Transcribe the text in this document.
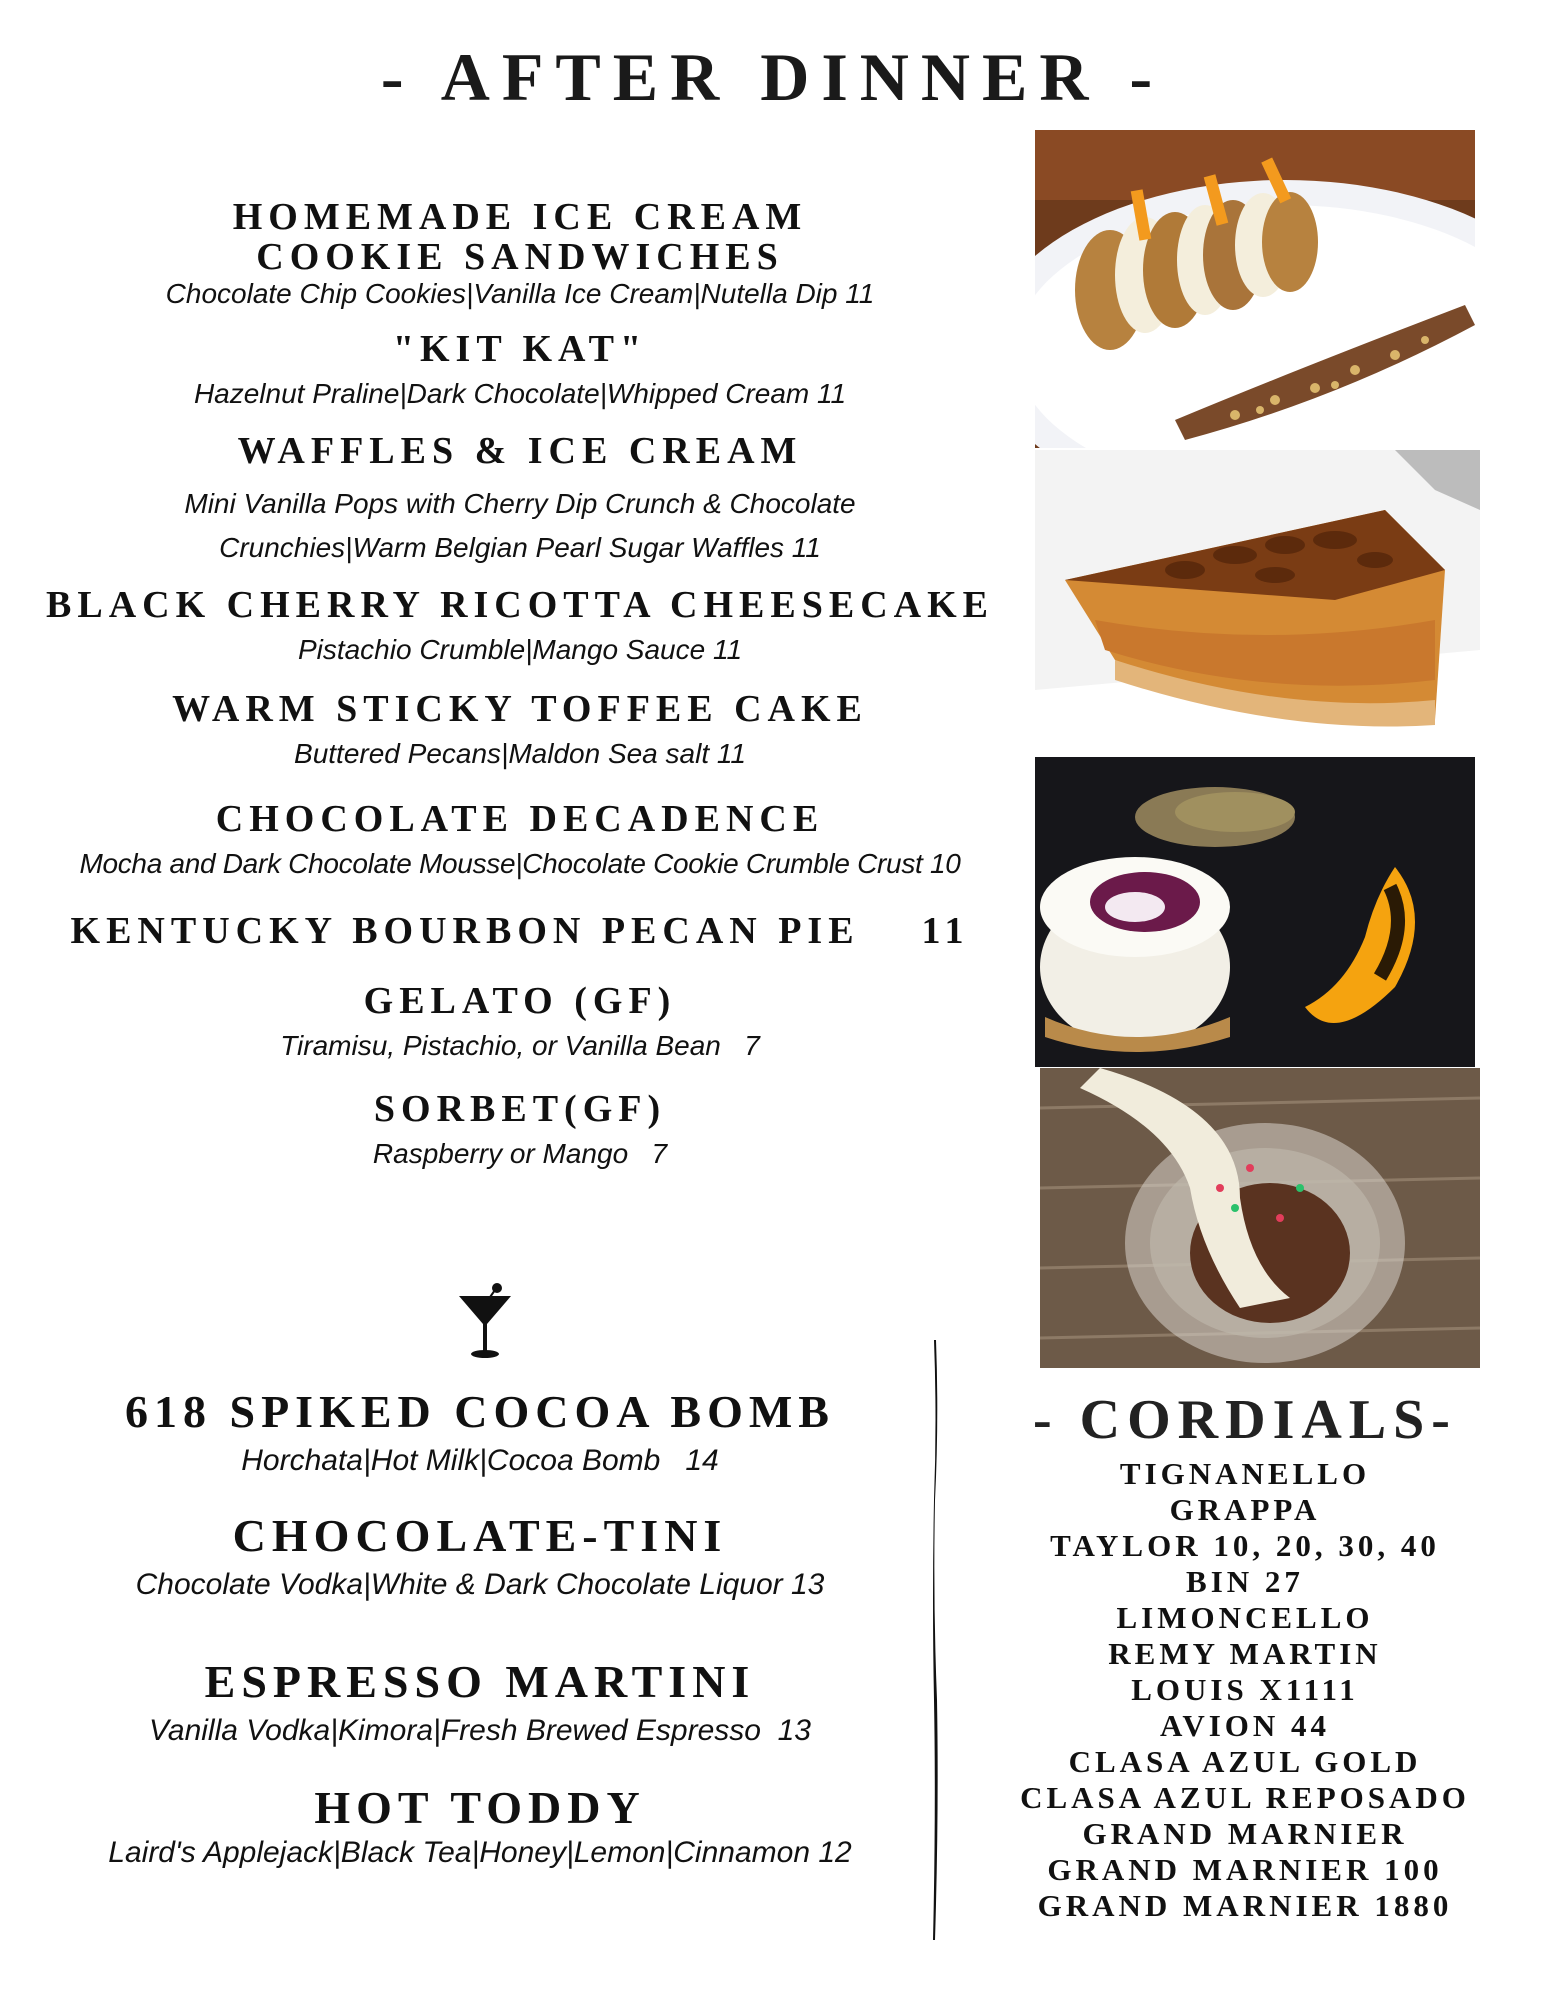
- AFTER DINNER -
HOMEMADE ICE CREAM
COOKIE SANDWICHES
Chocolate Chip Cookies|Vanilla Ice Cream|Nutella Dip 11
"KIT KAT"
Hazelnut Praline|Dark Chocolate|Whipped Cream 11
WAFFLES & ICE CREAM
Mini Vanilla Pops with Cherry Dip Crunch & Chocolate
Crunchies|Warm Belgian Pearl Sugar Waffles 11
BLACK CHERRY RICOTTA CHEESECAKE
Pistachio Crumble|Mango Sauce 11
WARM STICKY TOFFEE CAKE
Buttered Pecans|Maldon Sea salt 11
CHOCOLATE DECADENCE
Mocha and Dark Chocolate Mousse|Chocolate Cookie Crumble Crust 10
KENTUCKY BOURBON PECAN PIE    11
GELATO (GF)
Tiramisu, Pistachio, or Vanilla Bean   7
SORBET(GF)
Raspberry or Mango   7
618 SPIKED COCOA BOMB
Horchata|Hot Milk|Cocoa Bomb   14
CHOCOLATE-TINI
Chocolate Vodka|White & Dark Chocolate Liquor 13
ESPRESSO MARTINI
Vanilla Vodka|Kimora|Fresh Brewed Espresso  13
HOT TODDY
Laird's Applejack|Black Tea|Honey|Lemon|Cinnamon 12
- CORDIALS-
TIGNANELLO
GRAPPA
TAYLOR 10, 20, 30, 40
BIN 27
LIMONCELLO
REMY MARTIN
LOUIS X1111
AVION 44
CLASA AZUL GOLD
CLASA AZUL REPOSADO
GRAND MARNIER
GRAND MARNIER 100
GRAND MARNIER 1880
